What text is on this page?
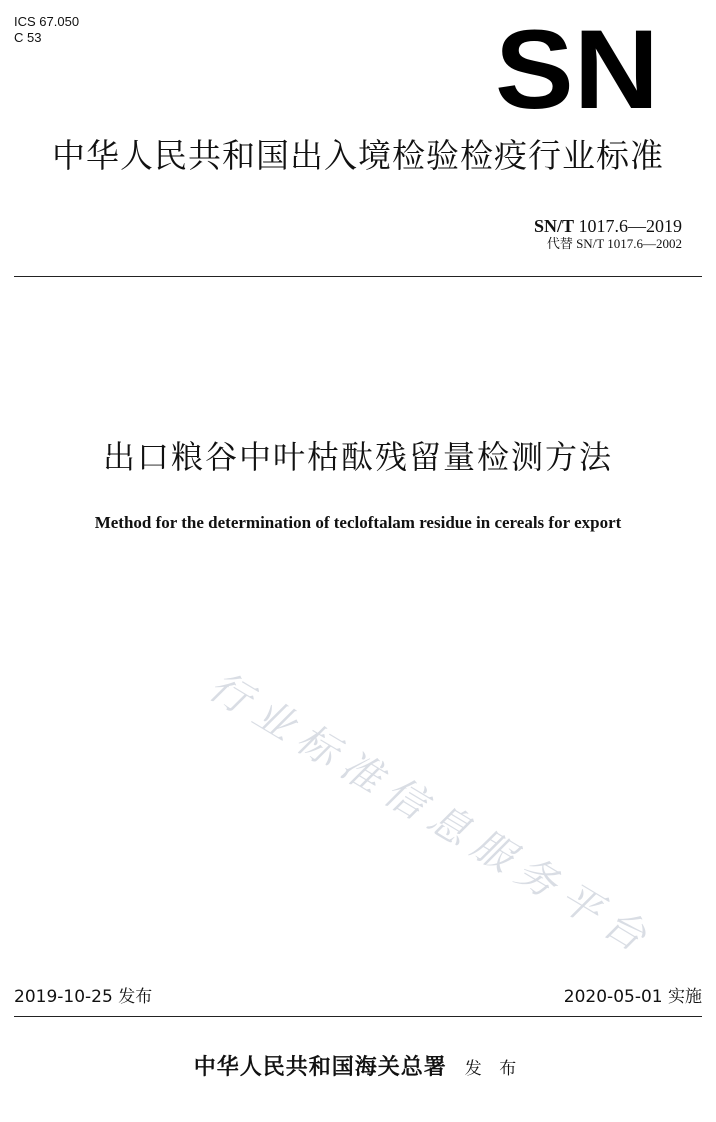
ICS 67.050
C 53	SN
中华人民共和国出入境检验检疫行业标准
SN/T 1017.6—2019
代替 SN/T 1017.6—2002
出口粮谷中叶枯酞残留量检测方法
Method for the determination of tecloftalam residue in cereals for export
行业标准信息服务平台
2019-10-25 发布	2020-05-01 实施
中华人民共和国海关总署 发 布
